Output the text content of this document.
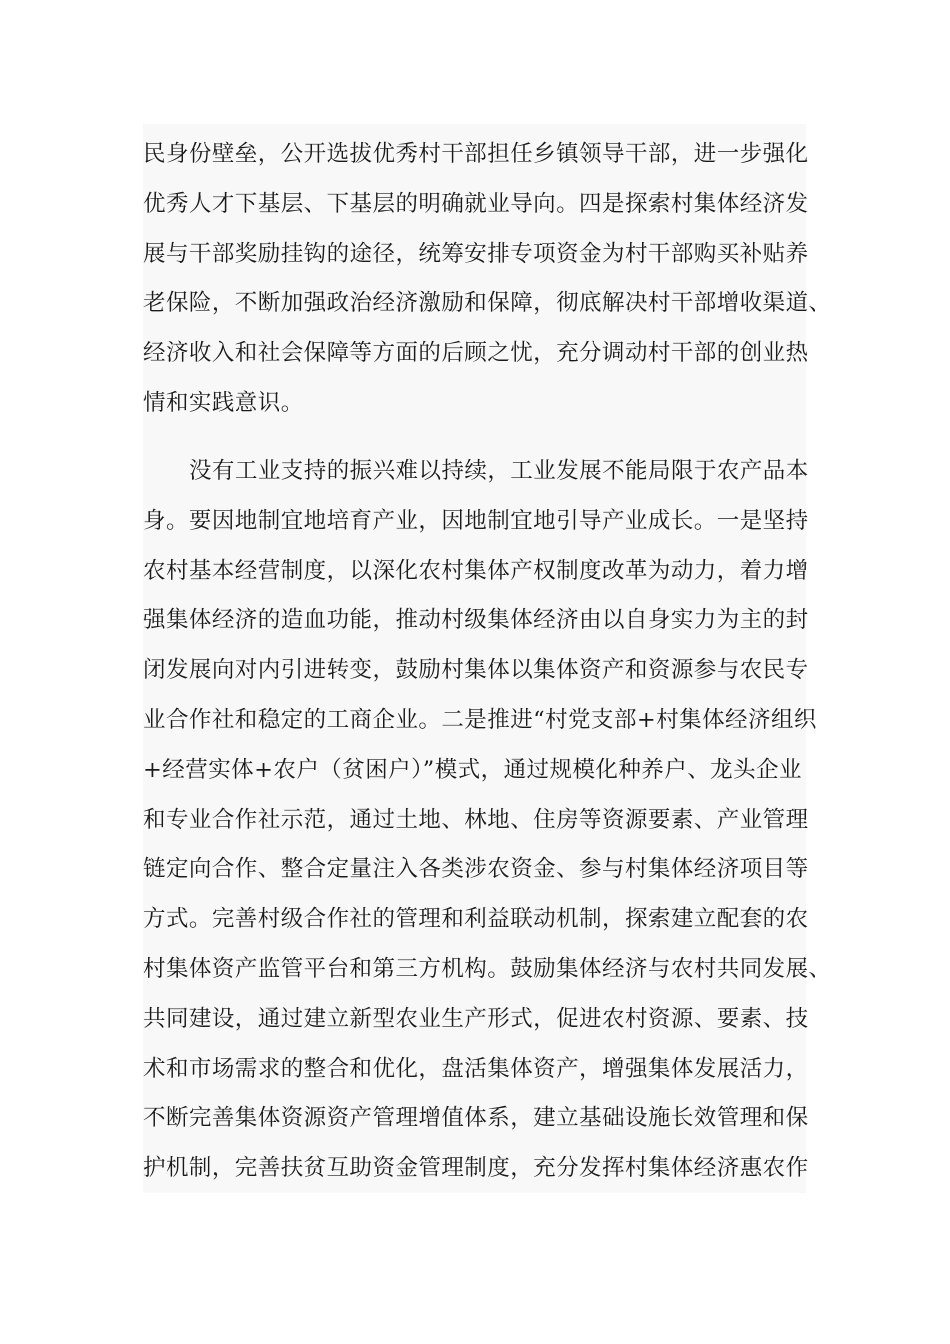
民身份壁垒，公开选拔优秀村干部担任乡镇领导干部，进一步强化
优秀人才下基层、下基层的明确就业导向。四是探索村集体经济发
展与干部奖励挂钩的途径，统筹安排专项资金为村干部购买补贴养
老保险，不断加强政治经济激励和保障，彻底解决村干部增收渠道、
经济收入和社会保障等方面的后顾之忧，充分调动村干部的创业热
情和实践意识。
没有工业支持的振兴难以持续，工业发展不能局限于农产品本
身。要因地制宜地培育产业，因地制宜地引导产业成长。一是坚持
农村基本经营制度，以深化农村集体产权制度改革为动力，着力增
强集体经济的造血功能，推动村级集体经济由以自身实力为主的封
闭发展向对内引进转变，鼓励村集体以集体资产和资源参与农民专
业合作社和稳定的工商企业。二是推进“村党支部+村集体经济组织
+经营实体+农户（贫困户）”模式，通过规模化种养户、龙头企业
和专业合作社示范，通过土地、林地、住房等资源要素、产业管理
链定向合作、整合定量注入各类涉农资金、参与村集体经济项目等
方式。完善村级合作社的管理和利益联动机制，探索建立配套的农
村集体资产监管平台和第三方机构。鼓励集体经济与农村共同发展、
共同建设，通过建立新型农业生产形式，促进农村资源、要素、技
术和市场需求的整合和优化，盘活集体资产，增强集体发展活力，
不断完善集体资源资产管理增值体系，建立基础设施长效管理和保
护机制，完善扶贫互助资金管理制度，充分发挥村集体经济惠农作
